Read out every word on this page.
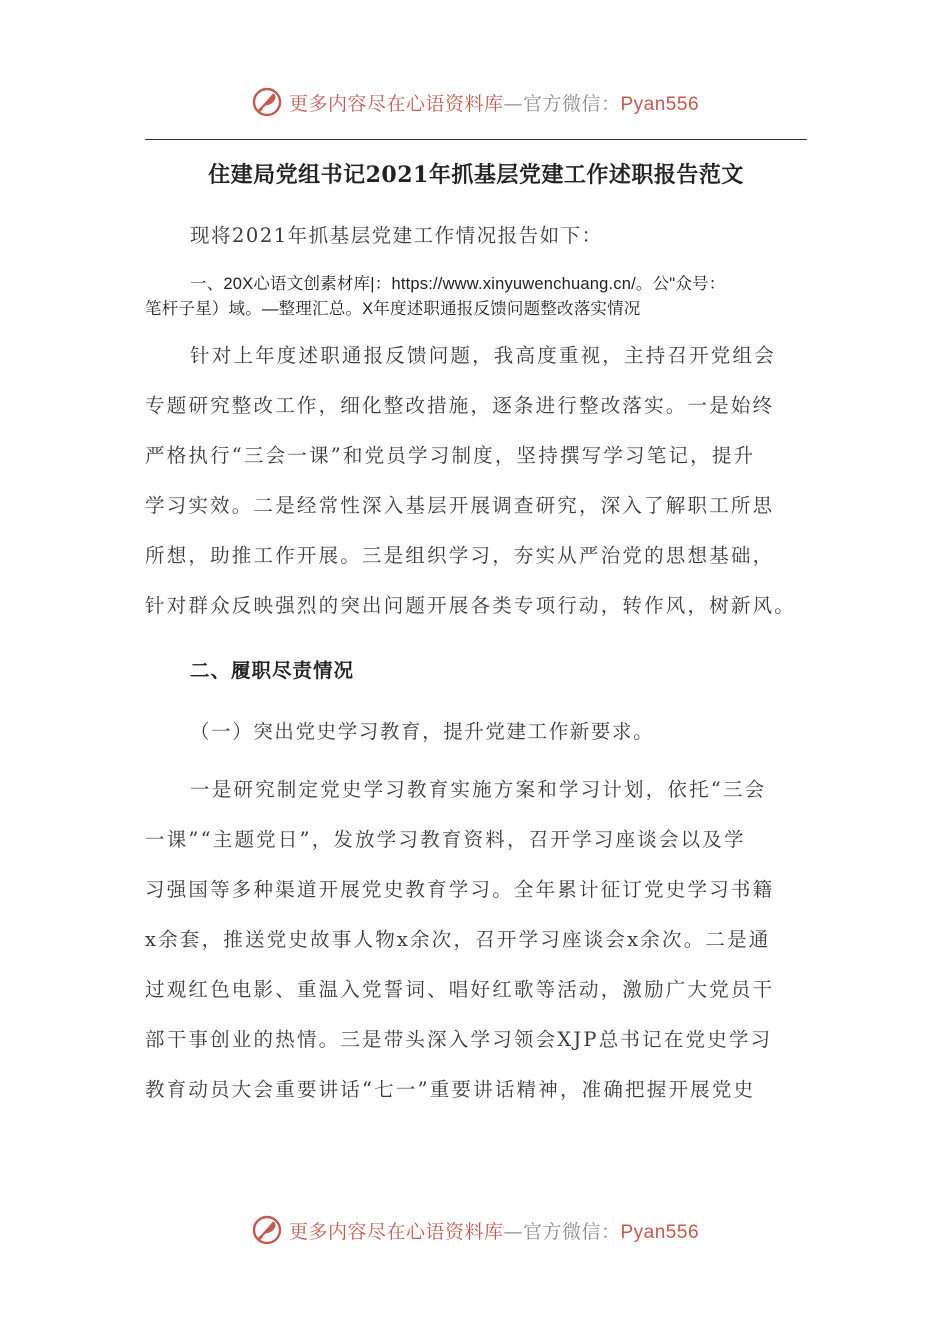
更多内容尽在心语资料库—官方微信：Pyan556
住建局党组书记2021年抓基层党建工作述职报告范文

现将2021年抓基层党建工作情况报告如下：

一、20X心语文创素材库|：https://www.xinyuwenchuang.cn/。公"众号：
笔杆子星）域。—整理汇总。X年度述职通报反馈问题整改落实情况

针对上年度述职通报反馈问题，我高度重视，主持召开党组会
专题研究整改工作，细化整改措施，逐条进行整改落实。一是始终
严格执行“三会一课”和党员学习制度，坚持撰写学习笔记，提升
学习实效。二是经常性深入基层开展调查研究，深入了解职工所思
所想，助推工作开展。三是组织学习，夯实从严治党的思想基础，
针对群众反映强烈的突出问题开展各类专项行动，转作风，树新风。

二、履职尽责情况
（一）突出党史学习教育，提升党建工作新要求。

一是研究制定党史学习教育实施方案和学习计划，依托“三会
一课”“主题党日”，发放学习教育资料，召开学习座谈会以及学
习强国等多种渠道开展党史教育学习。全年累计征订党史学习书籍
x余套，推送党史故事人物x余次，召开学习座谈会x余次。二是通
过观红色电影、重温入党誓词、唱好红歌等活动，激励广大党员干
部干事创业的热情。三是带头深入学习领会XJP总书记在党史学习
教育动员大会重要讲话“七一”重要讲话精神，准确把握开展党史

更多内容尽在心语资料库—官方微信：Pyan556
